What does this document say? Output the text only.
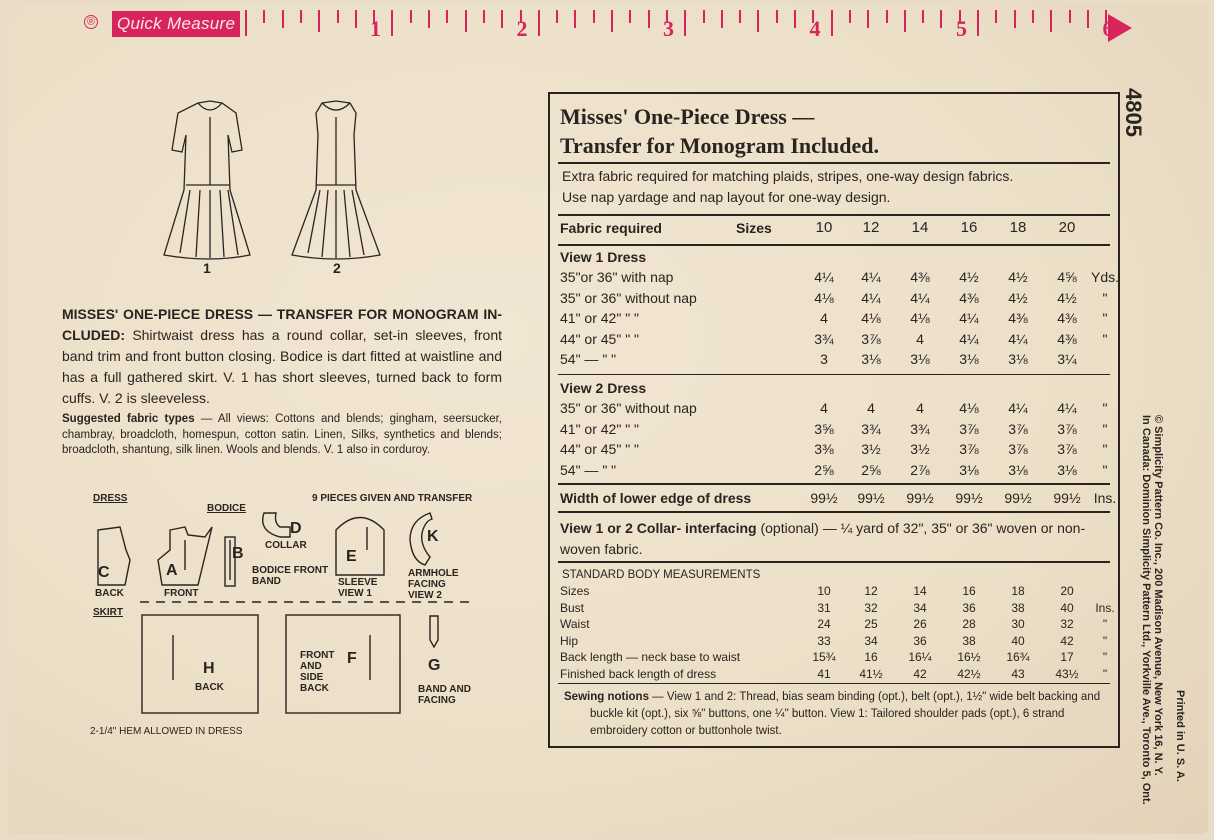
® Quick Measure	1	2	3	4	5	6
4805
1	2
MISSES' ONE-PIECE DRESS — TRANSFER FOR MONOGRAM IN-CLUDED: Shirtwaist dress has a round collar, set-in sleeves, front band trim and front button closing. Bodice is dart fitted at waistline and has a full gathered skirt. V. 1 has short sleeves, turned back to form cuffs. V. 2 is sleeveless.
Suggested fabric types — All views: Cottons and blends; gingham, seersucker, chambray, broadcloth, homespun, cotton satin. Linen, Silks, synthetics and blends; broadcloth, shantung, silk linen. Wools and blends. V. 1 also in corduroy.
DRESS
BODICE
9 PIECES GIVEN AND TRANSFER
SKIRT
2-1/4" HEM ALLOWED IN DRESS
C
BACK
A
FRONT
B
BODICE FRONT BAND
D
COLLAR
E
SLEEVE VIEW 1
K
ARMHOLE FACING VIEW 2
H
BACK
F
FRONT AND SIDE BACK
G
BAND AND FACING
Misses' One-Piece Dress —
Transfer for Monogram Included.
Extra fabric required for matching plaids, stripes, one-way design fabrics.
Use nap yardage and nap layout for one-way design.
Fabric required	Sizes	10	12	14	16	18	20
View 1 Dress
35"or 36" with nap	4¼	4¼	4⅜	4½	4½	4⅝	Yds.
35" or 36" without nap	4⅛	4¼	4¼	4⅜	4½	4½	"
41" or 42" " "	4	4⅛	4⅛	4¼	4⅜	4⅜	"
44" or 45" " "	3¾	3⅞	4	4¼	4¼	4⅜	"
54" — " "	3	3⅛	3⅛	3⅛	3⅛	3¼
View 2 Dress
35" or 36" without nap	4	4	4	4⅛	4¼	4¼	"
41" or 42" " "	3⅝	3¾	3¾	3⅞	3⅞	3⅞	"
44" or 45" " "	3⅜	3½	3½	3⅞	3⅞	3⅞	"
54" — " "	2⅝	2⅝	2⅞	3⅛	3⅛	3⅛	"
Width of lower edge of dress	99½	99½	99½	99½	99½	99½ Ins.
Sizes	10	12	14	16	18	20
Bust	31	32	34	36	38	40	Ins.
Waist	24	25	26	28	30	32	"
Hip	33	34	36	38	40	42	"
Back length — neck base to waist	15¾	16	16¼	16½	16¾	17	"
Finished back length of dress	41	41½	42	42½	43	43½	"
View 1 or 2 Collar- interfacing (optional) — ¼ yard of 32", 35" or 36" woven or non-woven fabric.
STANDARD BODY MEASUREMENTS
Sewing notions — View 1 and 2: Thread, bias seam binding (opt.), belt (opt.), 1½" wide belt backing and buckle kit (opt.), six ⅝" buttons, one ¼" button. View 1: Tailored shoulder pads (opt.), 6 strand embroidery cotton or buttonhole twist.	Printed in U. S. A.
© Simplicity Pattern Co. Inc., 200 Madison Avenue, New York 16, N. Y.
In Canada: Dominion Simplicity Pattern Ltd., Yorkville Ave., Toronto 5, Ont.
